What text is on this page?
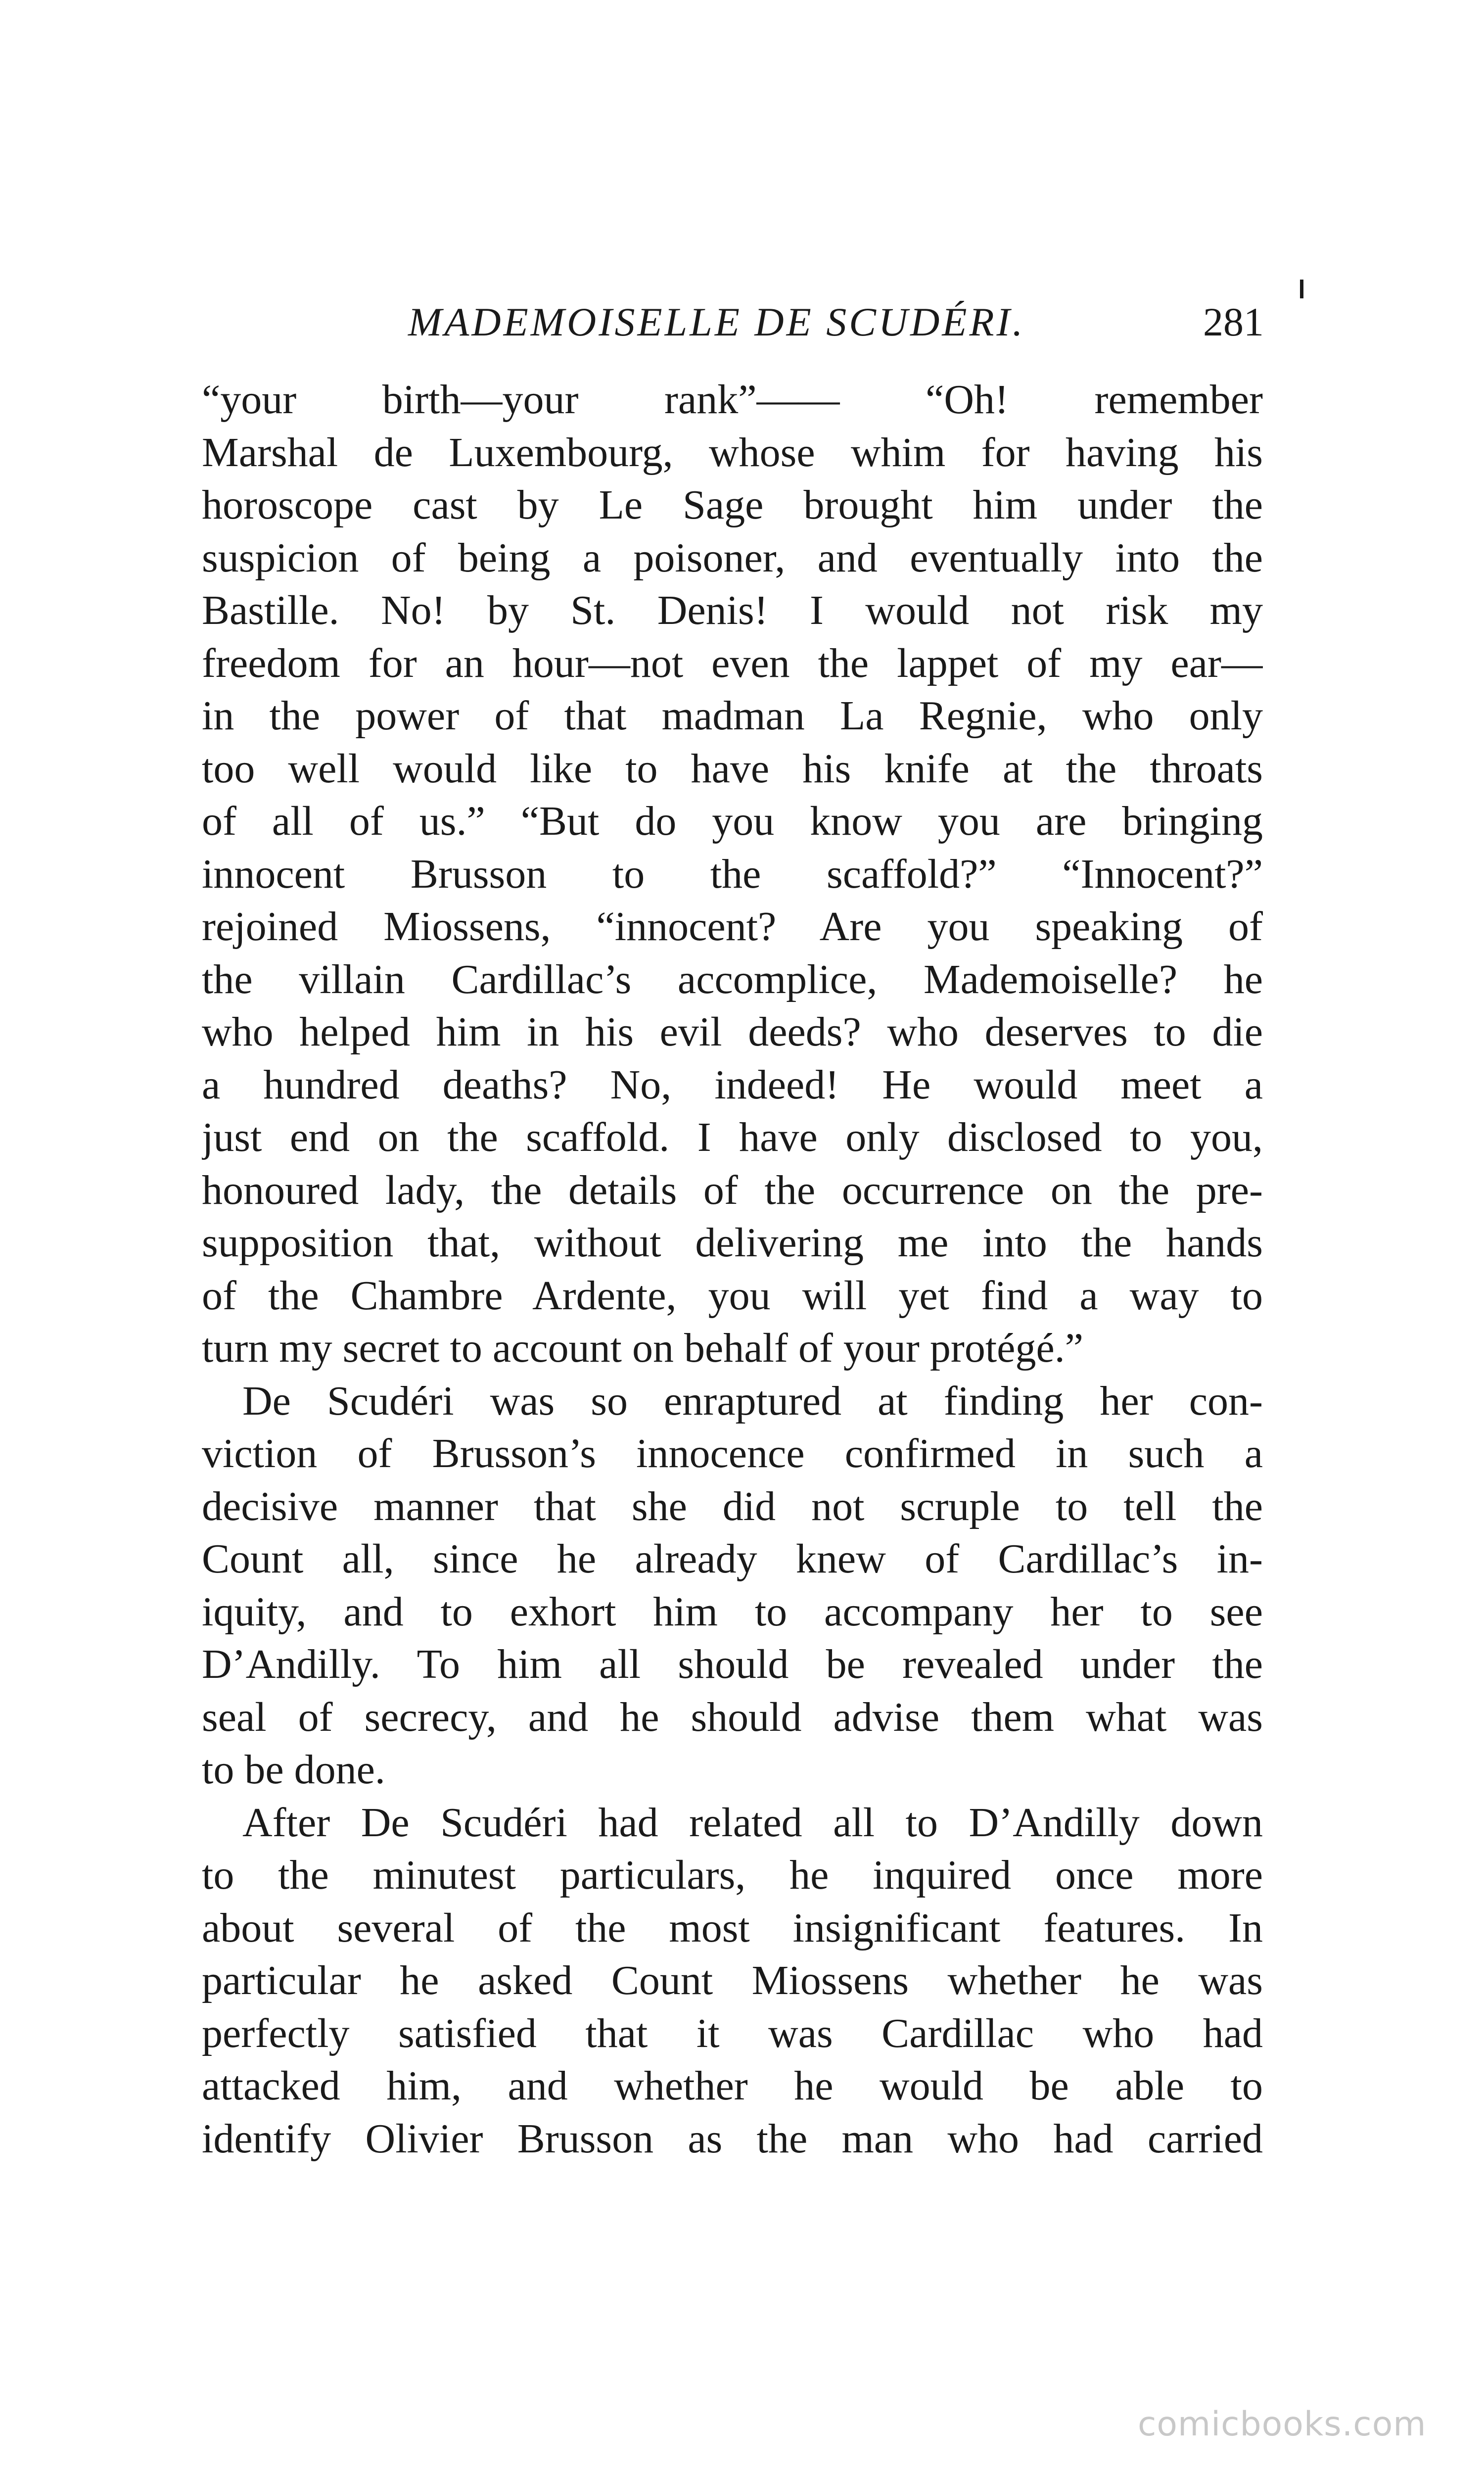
MADEMOISELLE DE SCUDÉRI.	281
“your birth—your rank”—— “Oh! remember
Marshal de Luxembourg, whose whim for having his
horoscope cast by Le Sage brought him under the
suspicion of being a poisoner, and eventually into the
Bastille. No! by St. Denis! I would not risk my
freedom for an hour—not even the lappet of my ear—
in the power of that madman La Regnie, who only
too well would like to have his knife at the throats
of all of us.” “But do you know you are bringing
innocent Brusson to the scaffold?” “Innocent?”
rejoined Miossens, “innocent? Are you speaking of
the villain Cardillac’s accomplice, Mademoiselle? he
who helped him in his evil deeds? who deserves to die
a hundred deaths? No, indeed! He would meet a
just end on the scaffold. I have only disclosed to you,
honoured lady, the details of the occurrence on the pre-
supposition that, without delivering me into the hands
of the Chambre Ardente, you will yet find a way to
turn my secret to account on behalf of your protégé.”
De Scudéri was so enraptured at finding her con-
viction of Brusson’s innocence confirmed in such a
decisive manner that she did not scruple to tell the
Count all, since he already knew of Cardillac’s in-
iquity, and to exhort him to accompany her to see
D’Andilly. To him all should be revealed under the
seal of secrecy, and he should advise them what was
to be done.
After De Scudéri had related all to D’Andilly down
to the minutest particulars, he inquired once more
about several of the most insignificant features. In
particular he asked Count Miossens whether he was
perfectly satisfied that it was Cardillac who had
attacked him, and whether he would be able to
identify Olivier Brusson as the man who had carried
comicbooks.com
